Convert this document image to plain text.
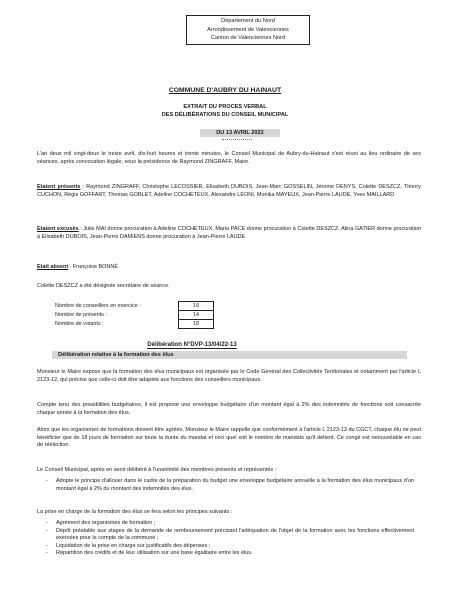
Département du Nord
Arrondissement de Valenciennes
Canton de Valenciennes Nord
COMMUNE D'AUBRY DU HAINAUT
EXTRAIT DU PROCES VERBAL
DES DÉLIBÉRATIONS DU CONSEIL MUNICIPAL
DU 13 AVRIL 2022
L'an deux mil vingt-deux le treize avril, dix-huit heures et trente minutes, le Conseil Municipal de Aubry-du-Hainaut s'est réuni au lieu ordinaire de ses séances, après convocation légale, sous la présidence de Raymond ZINGRAFF, Maire.
Etaient présents : Raymond ZINGRAFF, Christophe LECOSSIER, Elisabeth DUBOIS, Jean-Marc GOSSELIN, Jérome DENYS, Colette DESZCZ, Thierry CUCHON, Régis GOFFART, Thomas GOBLET, Adeline COCHETEUX, Alexandre LEONI, Monika MAYEUX, Jean-Pierre LAUDE, Yves MAILLARD
Etaient excusés : Julie MAI donne procuration à Adeline COCHETEUX, Maria PACE donne procuration à Colette DESZCZ, Alina GATIER donne procuration à Elisabeth DUBOIS, Jean-Pierre DAMIENS donne procuration à Jean-Pierre LAUDE
Etait absent : Françoise BONNÉ
Colette DESZCZ a été désignée secrétaire de séance.
Nombre de conseillers en exercice :	19
Nombre de présents :	14
Nombre de votants :	18
Délibération N°DVP-13/04/22-13
Délibération relative à la formation des élus
Monsieur le Maire expose que la formation des élus municipaux est organisée par le Code Général des Collectivités Territoriales et notamment par l'article L 2123-12, qui précise que celle-ci doit être adaptée aux fonctions des conseillers municipaux.
Compte tenu des possibilités budgétaires, il est proposé une enveloppe budgétaire d'un montant égal à 2% des indemnités de fonctions soit consacrée chaque année à la formation des élus.
Alors que les organismes de formations doivent être agréés, Monsieur le Maire rappelle que conformément à l'article L 2123-13 du CGCT, chaque élu ne peut bénéficier que de 18 jours de formation sur toute la durée du mandat et ceci quel soit le nombre de mandats qu'il détient. Ce congé est renouvelable en cas de réélection.
Le Conseil Municipal, après en avoir délibéré à l'unanimité des membres présents et représentés :
- Adopte le principe d'allouer dans le cadre de la préparation du budget une enveloppe budgétaire annuelle à la formation des élus municipaux d'un montant égal à 2% du montant des indemnités des élus.
La prise en charge de la formation des élus se fera selon les principes suivants :
- Agrément des organismes de formation ;
- Dépôt préalable aux stages de la demande de remboursement précisant l'adéquation de l'objet de la formation avec les fonctions effectivement exercées pour le compte de la commune ;
- Liquidation de la prise en charge sur justificatifs des dépenses ;
- Répartition des crédits et de leur utilisation sur une base égalitaire entre les élus.
